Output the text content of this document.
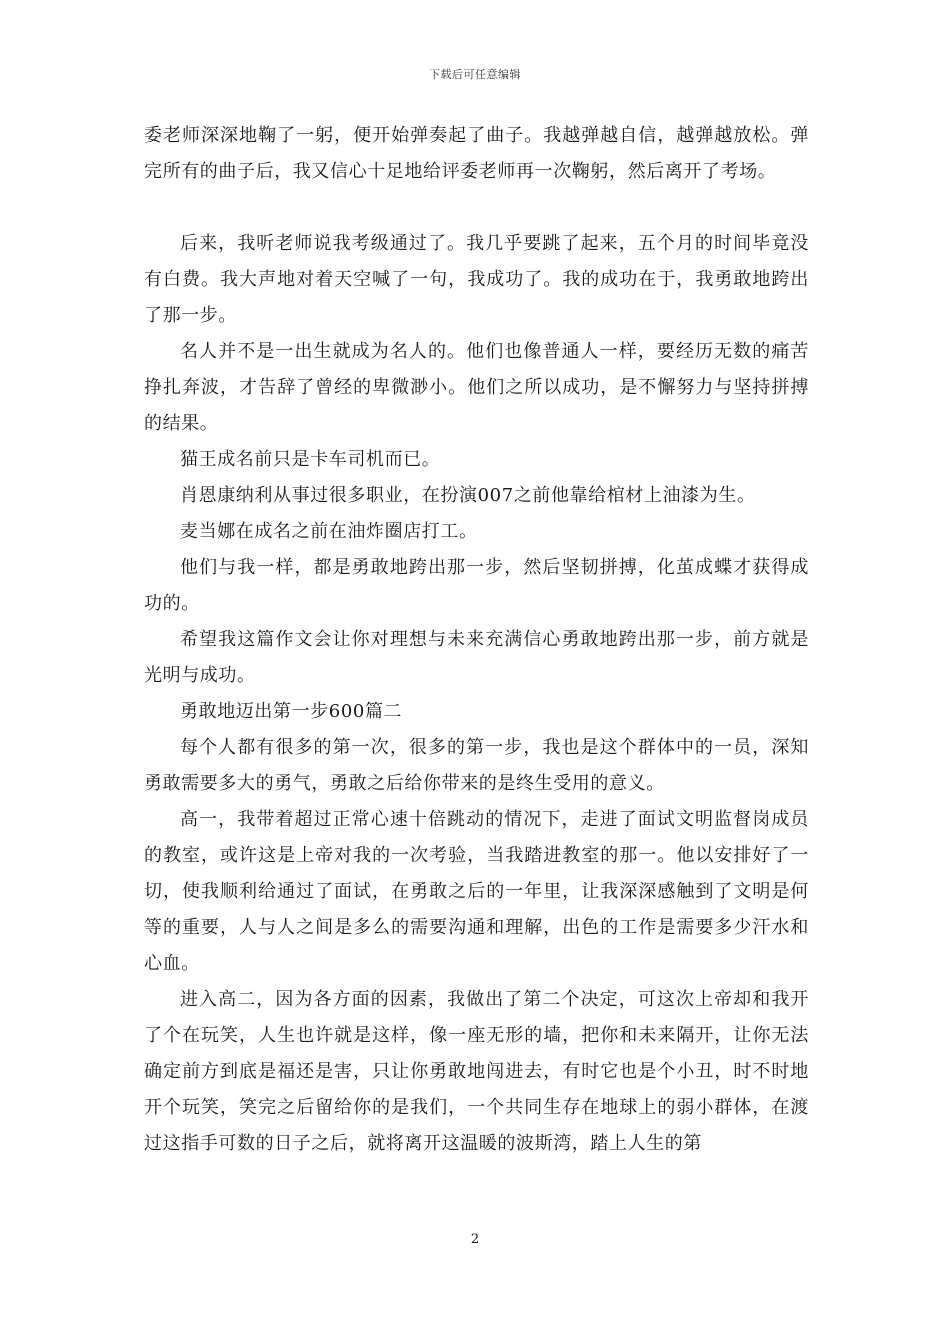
下载后可任意编辑

委老师深深地鞠了一躬，便开始弹奏起了曲子。我越弹越自信，越弹越放松。弹完所有的曲子后，我又信心十足地给评委老师再一次鞠躬，然后离开了考场。

后来，我听老师说我考级通过了。我几乎要跳了起来，五个月的时间毕竟没有白费。我大声地对着天空喊了一句，我成功了。我的成功在于，我勇敢地跨出了那一步。

名人并不是一出生就成为名人的。他们也像普通人一样，要经历无数的痛苦挣扎奔波，才告辞了曾经的卑微渺小。他们之所以成功，是不懈努力与坚持拼搏的结果。

猫王成名前只是卡车司机而已。

肖恩康纳利从事过很多职业，在扮演007之前他靠给棺材上油漆为生。

麦当娜在成名之前在油炸圈店打工。

他们与我一样，都是勇敢地跨出那一步，然后坚韧拼搏，化茧成蝶才获得成功的。

希望我这篇作文会让你对理想与未来充满信心勇敢地跨出那一步，前方就是光明与成功。

勇敢地迈出第一步600篇二

每个人都有很多的第一次，很多的第一步，我也是这个群体中的一员，深知勇敢需要多大的勇气，勇敢之后给你带来的是终生受用的意义。

高一，我带着超过正常心速十倍跳动的情况下，走进了面试文明监督岗成员的教室，或许这是上帝对我的一次考验，当我踏进教室的那一。他以安排好了一切，使我顺利给通过了面试，在勇敢之后的一年里，让我深深感触到了文明是何等的重要，人与人之间是多么的需要沟通和理解，出色的工作是需要多少汗水和心血。

进入高二，因为各方面的因素，我做出了第二个决定，可这次上帝却和我开了个在玩笑，人生也许就是这样，像一座无形的墙，把你和未来隔开，让你无法确定前方到底是福还是害，只让你勇敢地闯进去，有时它也是个小丑，时不时地开个玩笑，笑完之后留给你的是我们，一个共同生存在地球上的弱小群体，在渡过这指手可数的日子之后，就将离开这温暖的波斯湾，踏上人生的第

2
